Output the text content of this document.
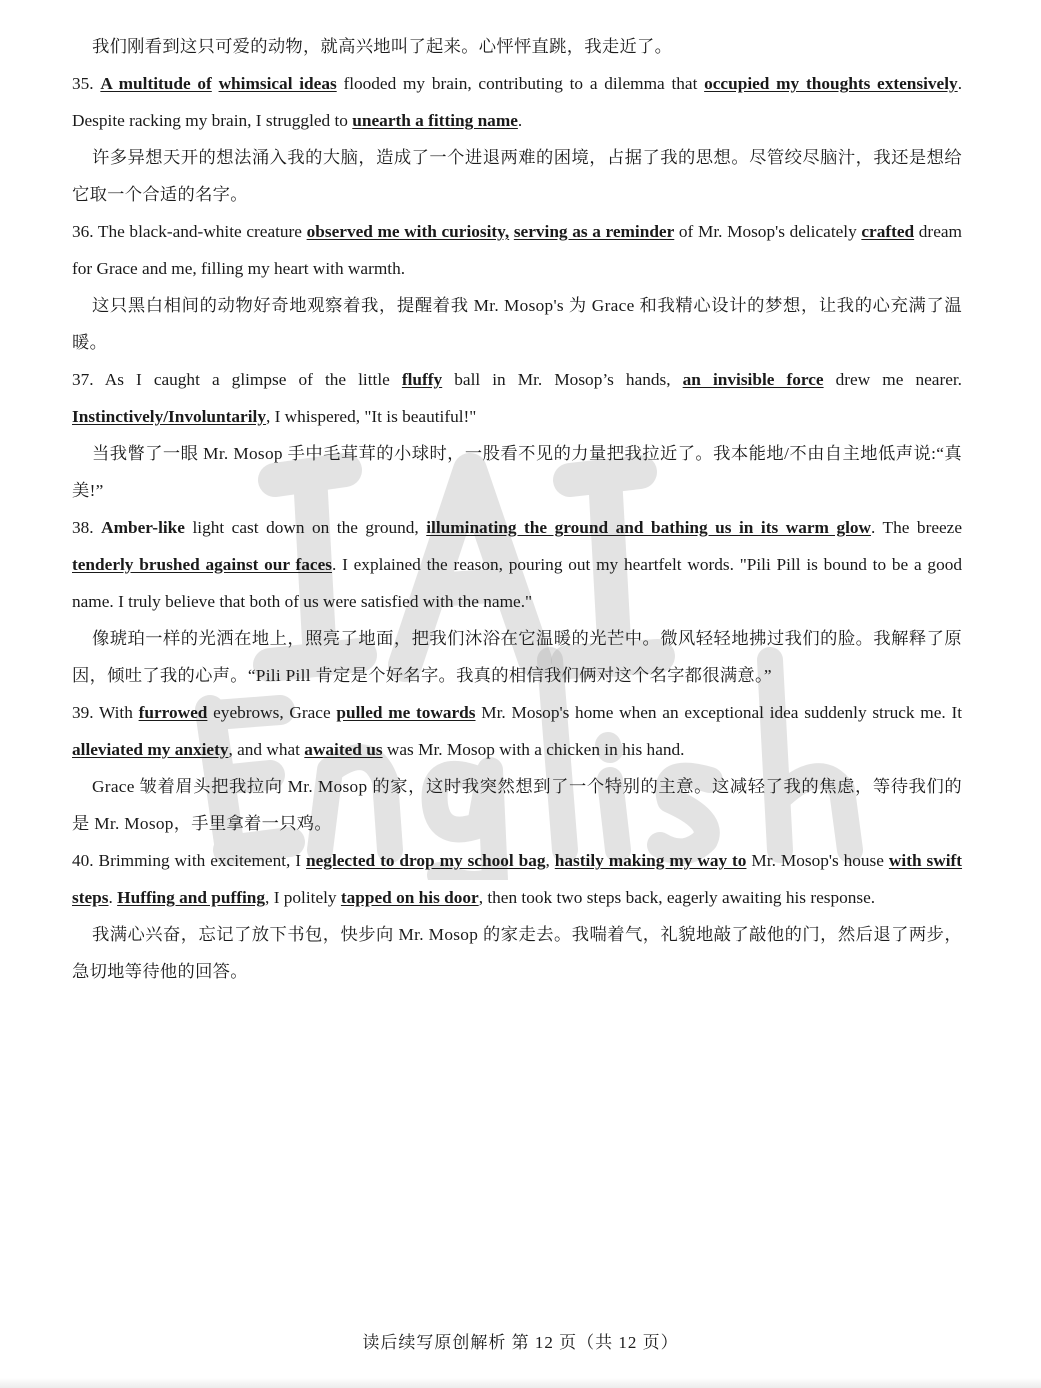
我们刚看到这只可爱的动物，就高兴地叫了起来。心怦怦直跳，我走近了。

35. A multitude of whimsical ideas flooded my brain, contributing to a dilemma that occupied my thoughts extensively. Despite racking my brain, I struggled to unearth a fitting name.

许多异想天开的想法涌入我的大脑，造成了一个进退两难的困境，占据了我的思想。尽管绞尽脑汁，我还是想给它取一个合适的名字。

36. The black-and-white creature observed me with curiosity, serving as a reminder of Mr. Mosop's delicately crafted dream for Grace and me, filling my heart with warmth.

这只黑白相间的动物好奇地观察着我，提醒着我 Mr. Mosop's 为 Grace 和我精心设计的梦想，让我的心充满了温暖。

37. As I caught a glimpse of the little fluffy ball in Mr. Mosop’s hands, an invisible force drew me nearer. Instinctively/Involuntarily, I whispered, "It is beautiful!"

当我瞥了一眼 Mr. Mosop 手中毛茸茸的小球时，一股看不见的力量把我拉近了。我本能地/不由自主地低声说:“真美!”

38. Amber-like light cast down on the ground, illuminating the ground and bathing us in its warm glow. The breeze tenderly brushed against our faces. I explained the reason, pouring out my heartfelt words. "Pili Pill is bound to be a good name. I truly believe that both of us were satisfied with the name."

像琥珀一样的光洒在地上，照亮了地面，把我们沐浴在它温暖的光芒中。微风轻轻地拂过我们的脸。我解释了原因，倾吐了我的心声。“Pili Pill 肯定是个好名字。我真的相信我们俩对这个名字都很满意。”

39. With furrowed eyebrows, Grace pulled me towards Mr. Mosop's home when an exceptional idea suddenly struck me. It alleviated my anxiety, and what awaited us was Mr. Mosop with a chicken in his hand.

Grace 皱着眉头把我拉向 Mr. Mosop 的家，这时我突然想到了一个特别的主意。这减轻了我的焦虑，等待我们的是 Mr. Mosop，手里拿着一只鸡。

40. Brimming with excitement, I neglected to drop my school bag, hastily making my way to Mr. Mosop's house with swift steps. Huffing and puffing, I politely tapped on his door, then took two steps back, eagerly awaiting his response.

我满心兴奋，忘记了放下书包，快步向 Mr. Mosop 的家走去。我喘着气，礼貌地敲了敲他的门，然后退了两步，急切地等待他的回答。

读后续写原创解析 第 12 页（共 12 页）
